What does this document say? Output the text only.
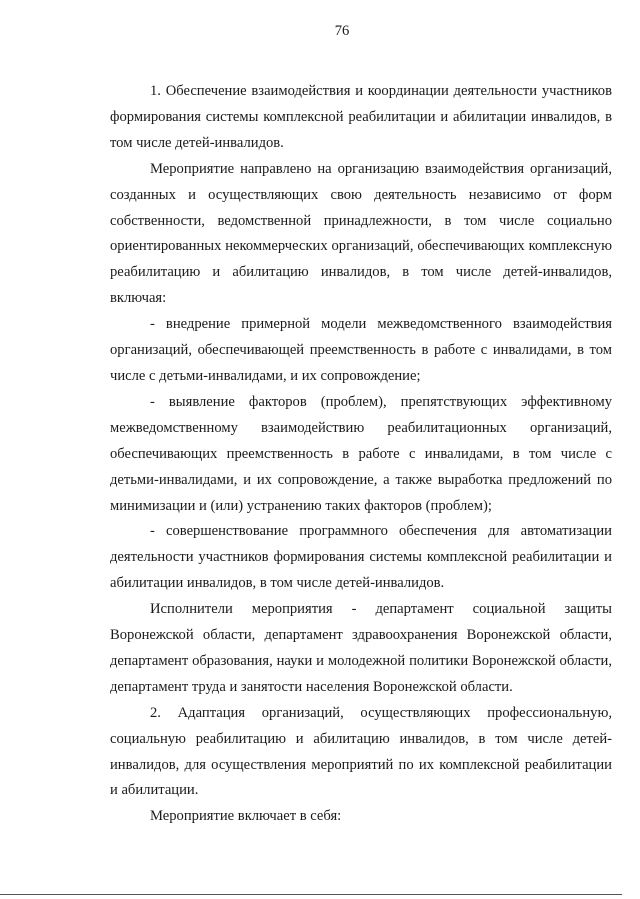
76

1. Обеспечение взаимодействия и координации деятельности участников формирования системы комплексной реабилитации и абилитации инвалидов, в том числе детей-инвалидов.

Мероприятие направлено на организацию взаимодействия организаций, созданных и осуществляющих свою деятельность независимо от форм собственности, ведомственной принадлежности, в том числе социально ориентированных некоммерческих организаций, обеспечивающих комплексную реабилитацию и абилитацию инвалидов, в том числе детей-инвалидов, включая:

- внедрение примерной модели межведомственного взаимодействия организаций, обеспечивающей преемственность в работе с инвалидами, в том числе с детьми-инвалидами, и их сопровождение;

- выявление факторов (проблем), препятствующих эффективному межведомственному взаимодействию реабилитационных организаций, обеспечивающих преемственность в работе с инвалидами, в том числе с детьми-инвалидами, и их сопровождение, а также выработка предложений по минимизации и (или) устранению таких факторов (проблем);

- совершенствование программного обеспечения для автоматизации деятельности участников формирования системы комплексной реабилитации и абилитации инвалидов, в том числе детей-инвалидов.

Исполнители мероприятия - департамент социальной защиты Воронежской области, департамент здравоохранения Воронежской области, департамент образования, науки и молодежной политики Воронежской области, департамент труда и занятости населения Воронежской области.

2. Адаптация организаций, осуществляющих профессиональную, социальную реабилитацию и абилитацию инвалидов, в том числе детей-инвалидов, для осуществления мероприятий по их комплексной реабилитации и абилитации.

Мероприятие включает в себя:
